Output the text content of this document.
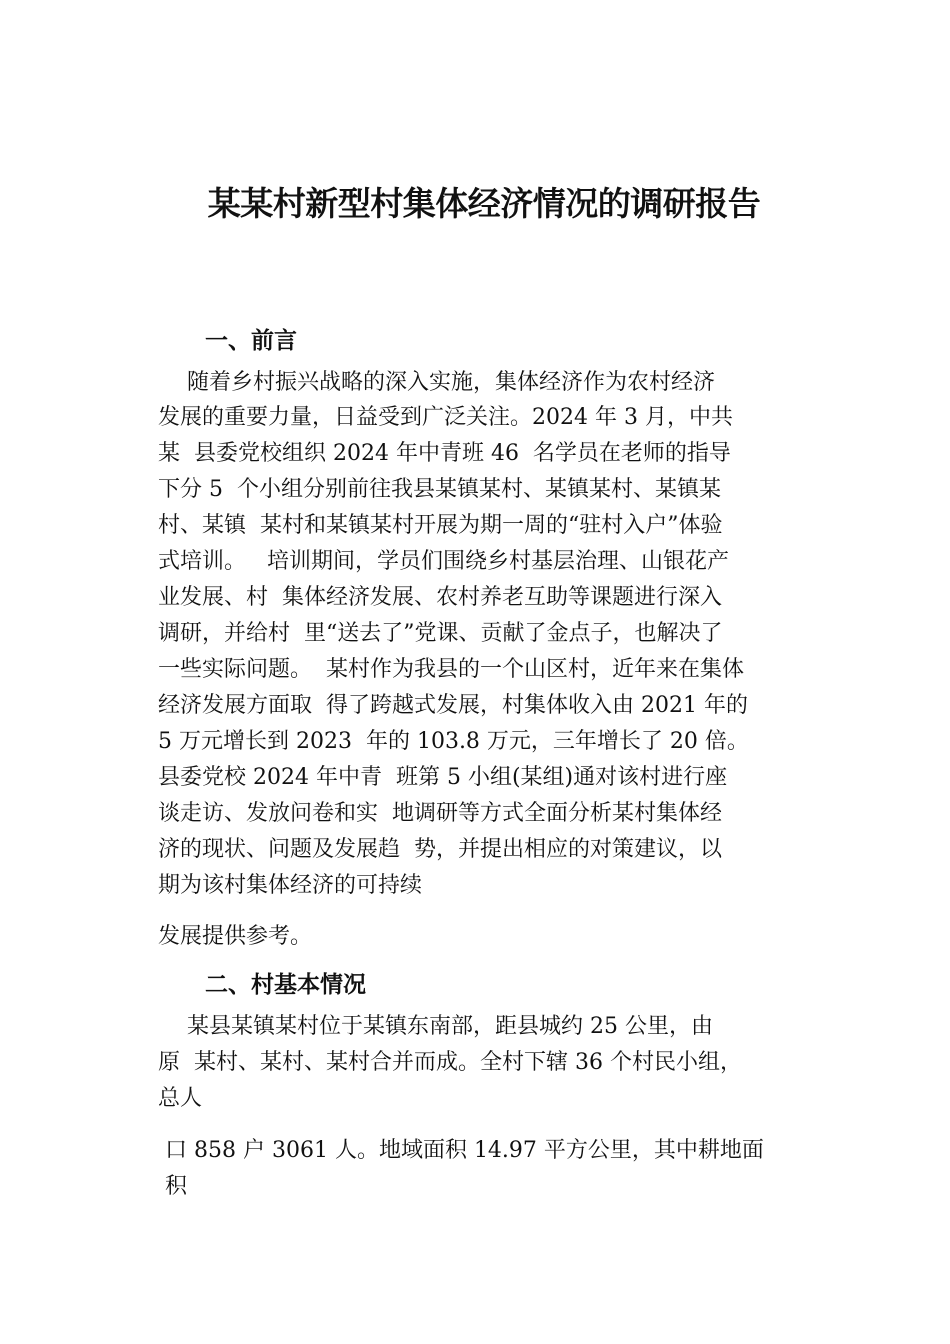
某某村新型村集体经济情况的调研报告
一、前言

　 随着乡村振兴战略的深入实施，集体经济作为农村经济

发展的重要力量，日益受到广泛关注。2024 年 3 月，中共

某  县委党校组织 2024 年中青班 46  名学员在老师的指导

下分 5  个小组分别前往我县某镇某村、某镇某村、某镇某

村、某镇  某村和某镇某村开展为期一周的“驻村入户”体验

式培训。   培训期间，学员们围绕乡村基层治理、山银花产

业发展、村  集体经济发展、农村养老互助等课题进行深入

调研，并给村  里“送去了”党课、贡献了金点子，也解决了

一些实际问题。  某村作为我县的一个山区村，近年来在集体

经济发展方面取  得了跨越式发展，村集体收入由 2021 年的

5 万元增长到 2023  年的 103.8 万元，三年增长了 20 倍。

县委党校 2024 年中青  班第 5 小组(某组)通对该村进行座

谈走访、发放问卷和实  地调研等方式全面分析某村集体经

济的现状、问题及发展趋  势，并提出相应的对策建议，以

期为该村集体经济的可持续

发展提供参考。

二、村基本情况

　 某县某镇某村位于某镇东南部，距县城约 25 公里，由

原  某村、某村、某村合并而成。全村下辖 36 个村民小组，

总人

口 858 户 3061 人。地域面积 14.97 平方公里，其中耕地面

积
